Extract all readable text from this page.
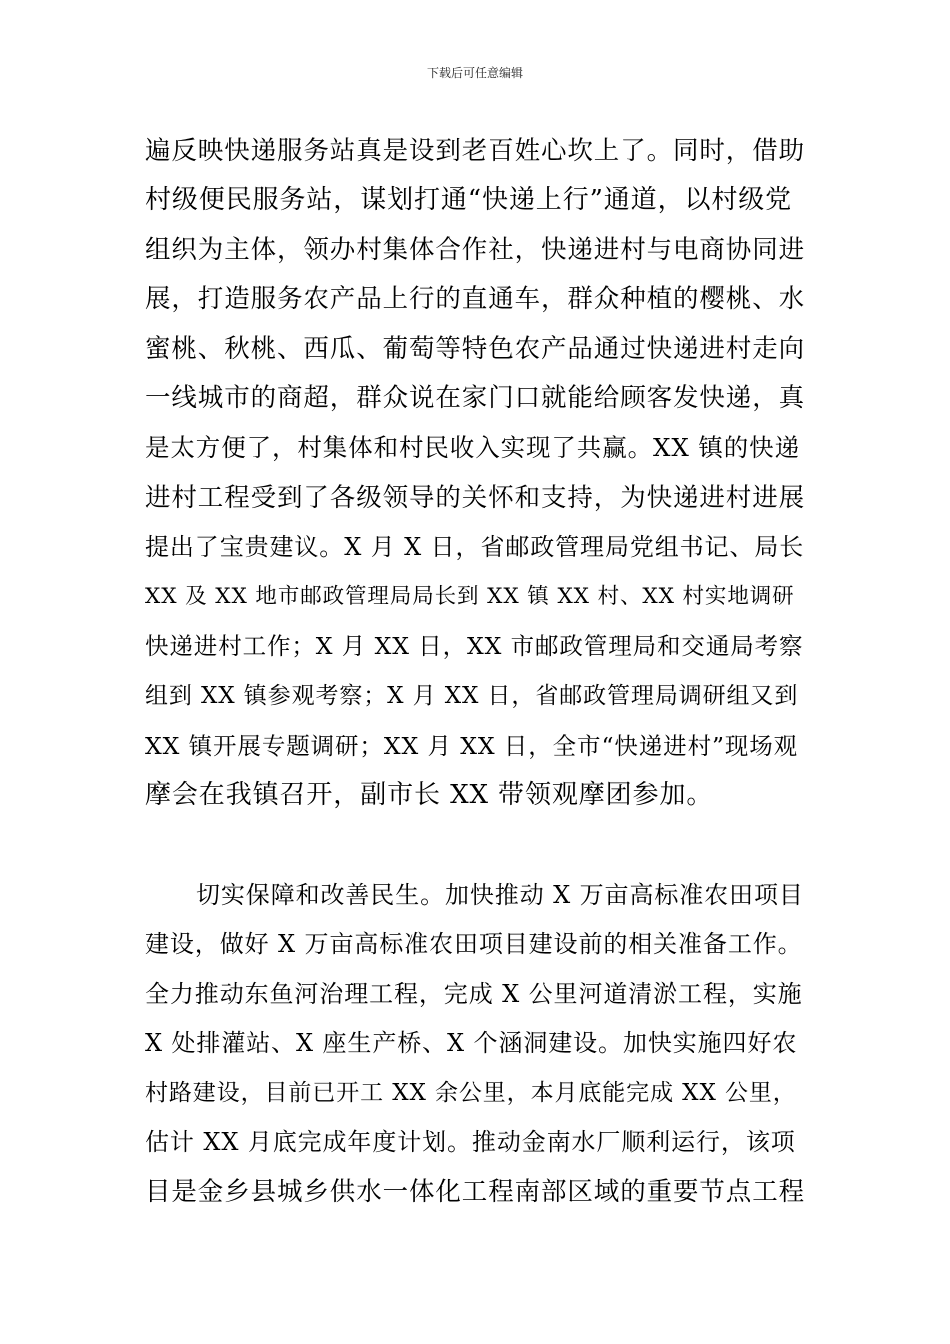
下载后可任意编辑
遍反映快递服务站真是设到老百姓心坎上了。同时，借助
村级便民服务站，谋划打通“快递上行”通道，以村级党
组织为主体，领办村集体合作社，快递进村与电商协同进
展，打造服务农产品上行的直通车，群众种植的樱桃、水
蜜桃、秋桃、西瓜、葡萄等特色农产品通过快递进村走向
一线城市的商超，群众说在家门口就能给顾客发快递，真
是太方便了，村集体和村民收入实现了共赢。XX 镇的快递
进村工程受到了各级领导的关怀和支持，为快递进村进展
提出了宝贵建议。X 月 X 日，省邮政管理局党组书记、局长
XX 及 XX 地市邮政管理局局长到 XX 镇 XX 村、XX 村实地调研
快递进村工作；X 月 XX 日，XX 市邮政管理局和交通局考察
组到 XX 镇参观考察；X 月 XX 日，省邮政管理局调研组又到
XX 镇开展专题调研；XX 月 XX 日，全市“快递进村”现场观
摩会在我镇召开，副市长 XX 带领观摩团参加。
切实保障和改善民生。加快推动 X 万亩高标准农田项目
建设，做好 X 万亩高标准农田项目建设前的相关准备工作。
全力推动东鱼河治理工程，完成 X 公里河道清淤工程，实施
X 处排灌站、X 座生产桥、X 个涵洞建设。加快实施四好农
村路建设，目前已开工 XX 余公里，本月底能完成 XX 公里，
估计 XX 月底完成年度计划。推动金南水厂顺利运行，该项
目是金乡县城乡供水一体化工程南部区域的重要节点工程
